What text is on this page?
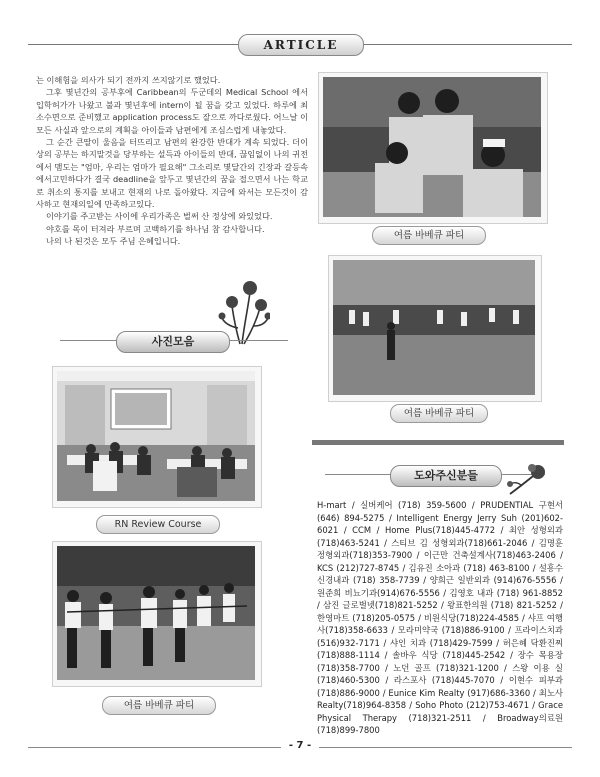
ARTICLE

는 이해험을 의사가 되기 전까지 쓰지않기로 했었다.

그후 몇년간의 공부후에 Caribbean의 두군데의 Medical School 에서 입학허가가 나왔고 불과 몇년후에 intern이 될 꿈을 갖고 있었다. 하루에 최소수면으로 준비했고 application process도 잘으로 까다로웠다. 어느날 이모든 사실과 앞으로의 계획을 아이들과 남편에게 조심스럽게 내놓았다.

그 순간 큰딸이 울음을 터뜨리고 남편의 완강한 반대가 계속 되었다. 더이상의 공부는 하지말것을 당부하는 설득과 아이들의 반대, 끊임없이 나의 귀전에서 맴도는 "엄마, 우리는 엄마가 필요해" 그소리로 몇달간의 긴장과 갈등속에서고민하다가 결국 deadline을 앞두고 몇년간의 꿈을 접으면서 나는 학교로 취소의 통지를 보내고 현재의 나로 돌아왔다. 지금에 와서는 모든것이 감사하고 현재의일에 만족하고있다.

이야기를 주고받는 사이에 우리가족은 벌써 산 정상에 와있었다.

야호를 목이 터져라 부르며 고백하기를 하나님 참 감사합니다.

나의 나 된것은 모두 주님 은혜입니다.

사진모음
RN Review Course
여름 바베큐 파티
여름 바베큐 파티
여름 바베큐 파티
도와주신분들
H-mart / 실버케어 (718) 359-5600 / PRUDENTIAL 구현서 (646) 894-5275 / Intelligent Energy Jerry Suh (201)602-6021 / CCM / Home Plus(718)445-4772 / 최안 성형외과 (718)463-5241 / 스티브 김 성형외과(718)661-2046 / 김명훈 정형외과(718)353-7900 / 이근만 건축설계사(718)463-2406 / KCS (212)727-8745 / 김유진 소아과 (718) 463-8100 / 설흥수 신경내과 (718) 358-7739 / 양희근 일반외과 (914)676-5556 / 원준희 비뇨기과(914)676-5556 / 김영호 내과 (718) 961-8852 / 삼진 글로벌넷(718)821-5252 / 왕표한의원 (718) 821-5252 / 한영마트 (718)205-0575 / 비원식당(718)224-4585 / 샤프 여행사(718)358-6633 / 모라미약국 (718)886-9100 / 프라이스치과 (516)932-7171 / 샤인 치과 (718)429-7599 / 허은혜 닥환진찌 (718)888-1114 / 솔바우 식당 (718)445-2542 / 장수 목용장(718)358-7700 / 노던 골프 (718)321-1200 / 스왕 이용 실 (718)460-5300 / 라스포사 (718)445-7070 / 이현수 피부과 (718)886-9000 / Eunice Kim Realty (917)686-3360 / 최노사 Realty(718)964-8358 / Soho Photo (212)753-4671 / Grace Physical Therapy (718)321-2511 / Broadway의료원 (718)899-7800
- 7 -
